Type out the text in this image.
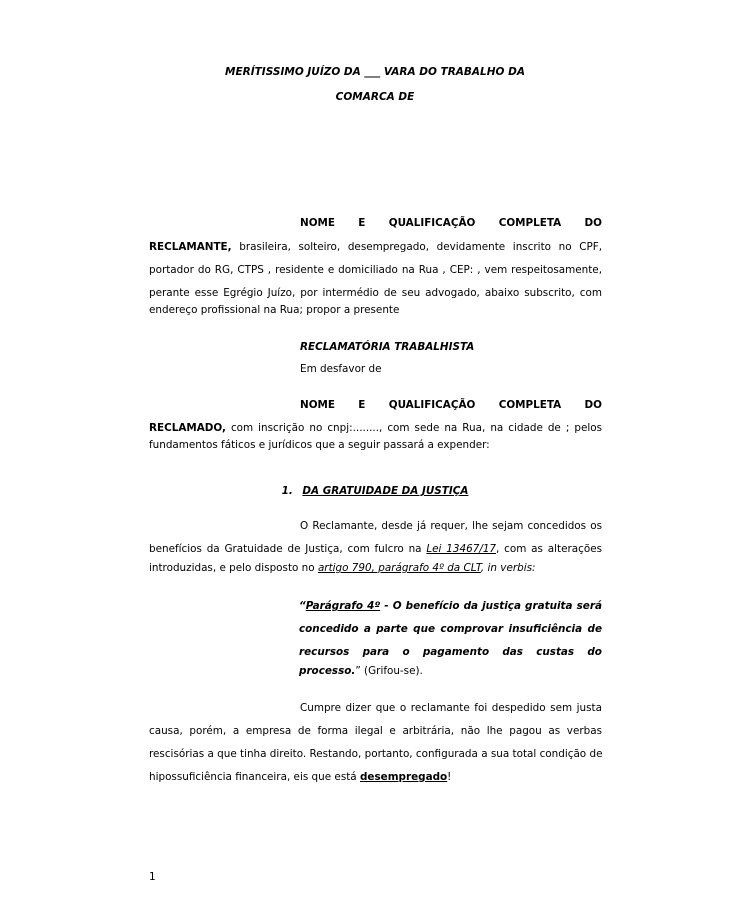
MERÍTISSIMO JUÍZO DA ___ VARA DO TRABALHO DA
COMARCA DE
NOME E QUALIFICAÇÃO COMPLETA DO
RECLAMANTE, brasileira, solteiro, desempregado, devidamente inscrito no CPF,
portador do RG, CTPS , residente e domiciliado na Rua , CEP: , vem respeitosamente,
perante esse Egrégio Juízo, por intermédio de seu advogado, abaixo subscrito, com
endereço profissional na Rua; propor a presente
RECLAMATÓRIA TRABALHISTA
Em desfavor de
NOME E QUALIFICAÇÃO COMPLETA DO
RECLAMADO, com inscrição no cnpj:........, com sede na Rua, na cidade de ; pelos
fundamentos fáticos e jurídicos que a seguir passará a expender:
1. DA GRATUIDADE DA JUSTIÇA
O Reclamante, desde já requer, lhe sejam concedidos os
benefícios da Gratuidade de Justiça, com fulcro na Lei 13467/17, com as alterações
introduzidas, e pelo disposto no artigo 790, parágrafo 4º da CLT, in verbis:
“Parágrafo 4º - O benefício da justiça gratuita será
concedido a parte que comprovar insuficiência de
recursos para o pagamento das custas do
processo.” (Grifou-se).
Cumpre dizer que o reclamante foi despedido sem justa
causa, porém, a empresa de forma ilegal e arbitrária, não lhe pagou as verbas
rescisórias a que tinha direito. Restando, portanto, configurada a sua total condição de
hipossuficiência financeira, eis que está desempregado!
1
